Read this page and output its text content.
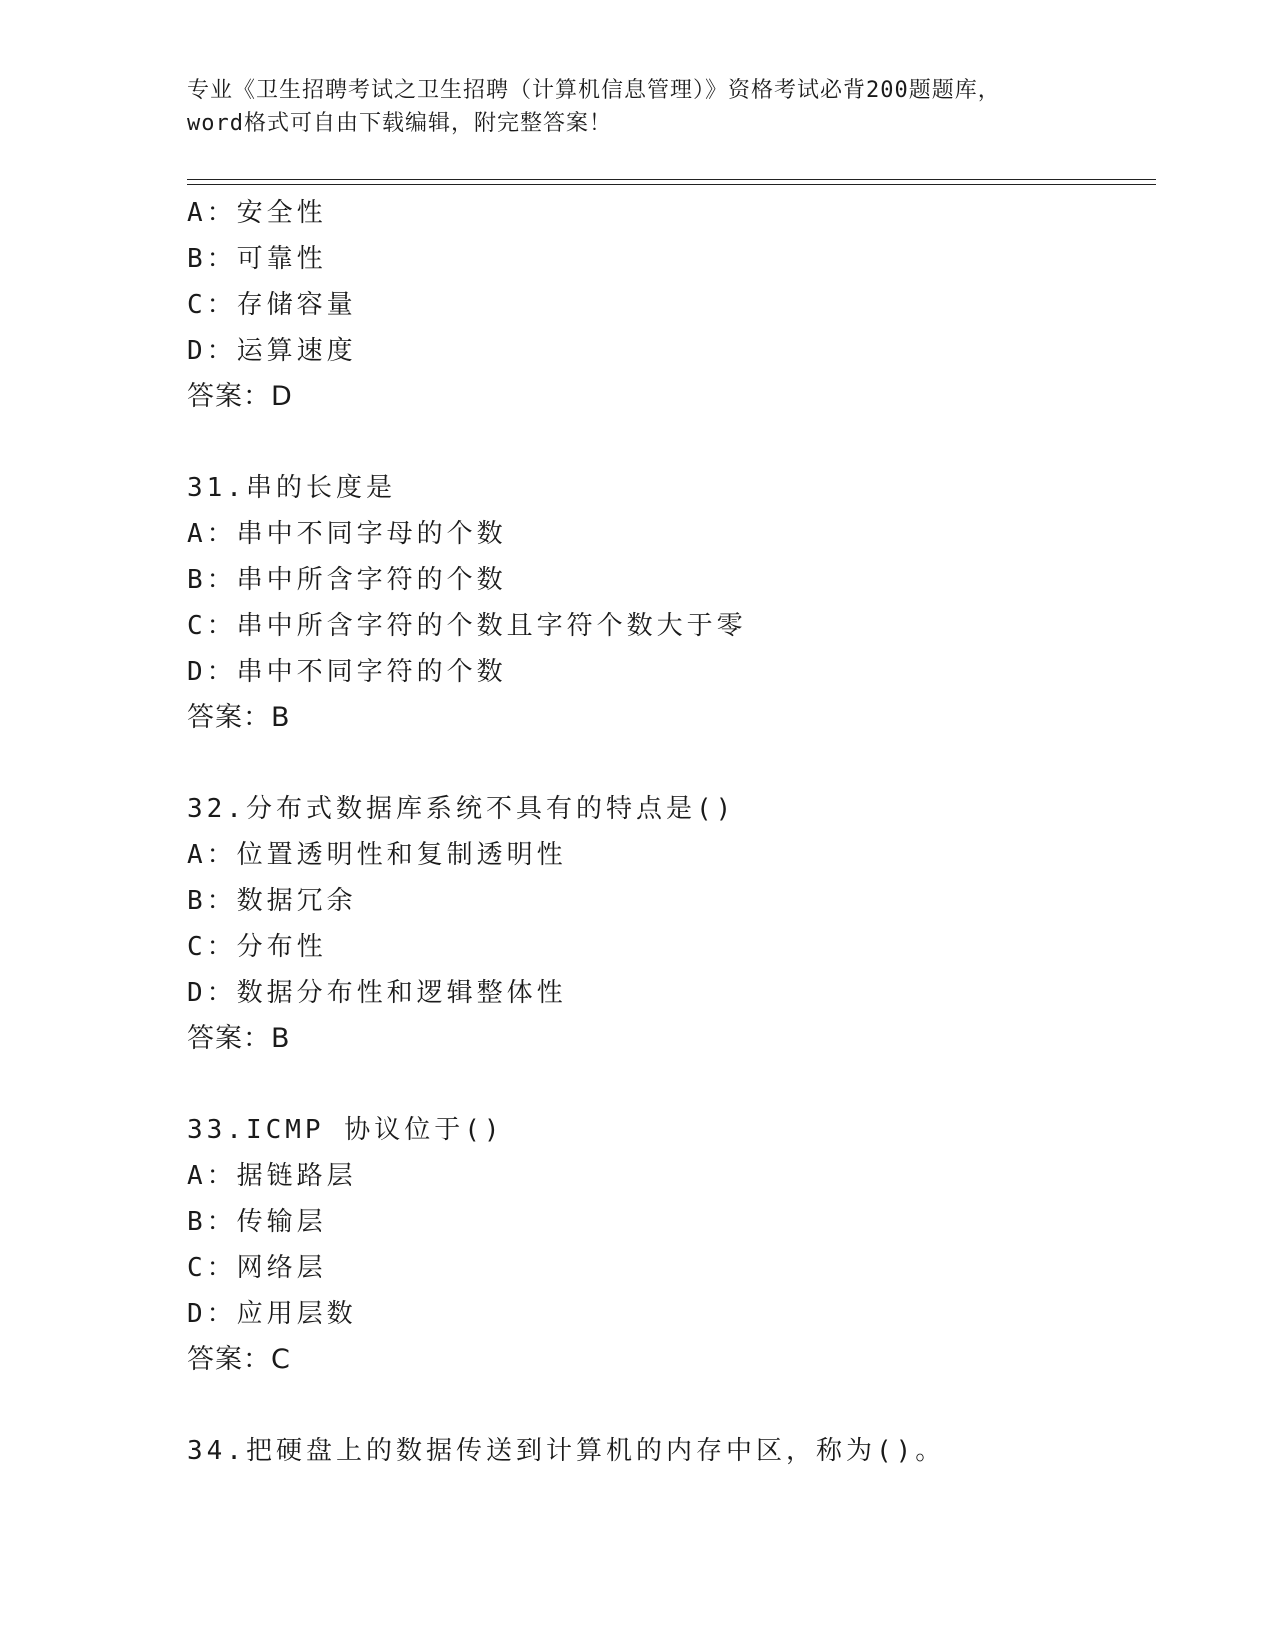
专业《卫生招聘考试之卫生招聘（计算机信息管理）》资格考试必背200题题库，
word格式可自由下载编辑，附完整答案！
A：安全性
B：可靠性
C：存储容量
D：运算速度
答案：D
31.串的长度是
A：串中不同字母的个数
B：串中所含字符的个数
C：串中所含字符的个数且字符个数大于零
D：串中不同字符的个数
答案：B
32.分布式数据库系统不具有的特点是()
A：位置透明性和复制透明性
B：数据冗余
C：分布性
D：数据分布性和逻辑整体性
答案：B
33.ICMP 协议位于()
A：据链路层
B：传输层
C：网络层
D：应用层数
答案：C
34.把硬盘上的数据传送到计算机的内存中区，称为()。
